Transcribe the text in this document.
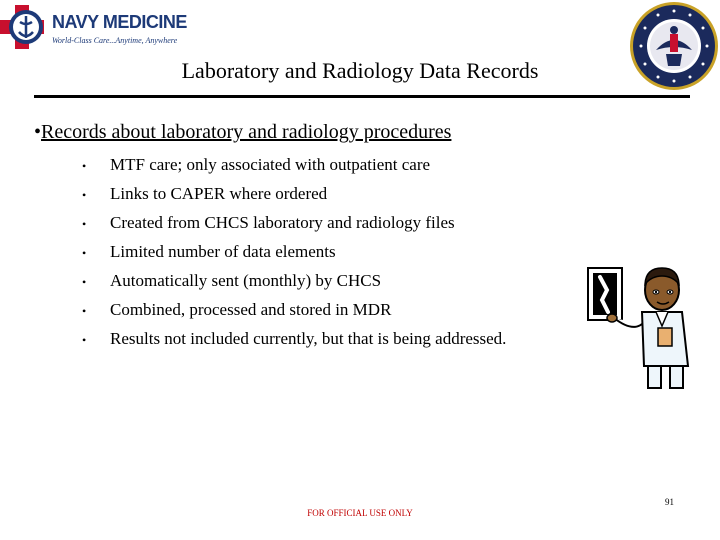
NAVY MEDICINE
World-Class Care...Anytime, Anywhere
Laboratory and Radiology Data Records
•Records about laboratory and radiology procedures
• MTF care; only associated with outpatient care
• Links to CAPER where ordered
• Created from CHCS laboratory and radiology files
• Limited number of data elements
• Automatically sent (monthly) by CHCS
• Combined, processed and stored in MDR
• Results not included currently, but that is being addressed.
91
FOR OFFICIAL USE ONLY
